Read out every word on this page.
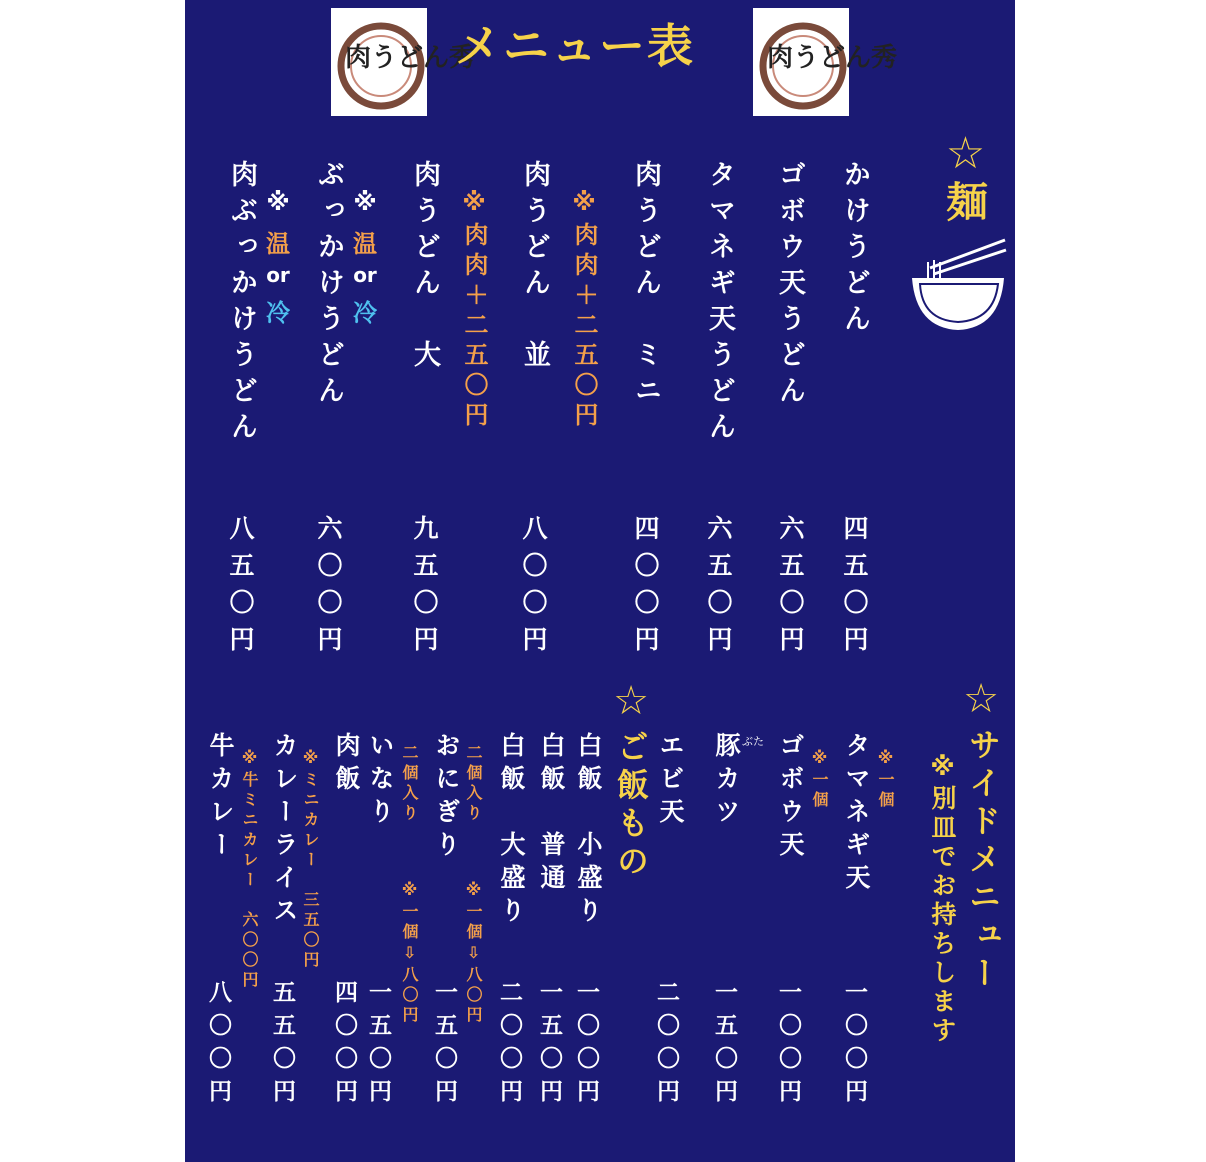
肉うどん秀	肉うどん秀
メニュー表
☆
麺
かけうどん
四五〇円
ゴボウ天うどん
六五〇円
タマネギ天うどん
六五〇円
肉うどん　ミニ
※肉肉＋二五〇円
四〇〇円
肉うどん　並
※肉肉＋二五〇円
八〇〇円
肉うどん　大
九五〇円
ぶっかけうどん ※
温
or
冷
六〇〇円
肉ぶっかけうどん ※
温
or
冷
八五〇円
☆
サイドメニュー
※別皿でお持ちします
タマネギ天 ※一個
一〇〇円
ゴボウ天 ※一個
一〇〇円
豚カツ ぶた
一五〇円
エビ天
二〇〇円
☆
ご飯もの
白飯　小盛り
一〇〇円
白飯　普通
一五〇円
白飯　大盛り
二〇〇円
二個入り
おにぎり
※一個⇩八〇円
一五〇円
二個入り
いなり
※一個⇩八〇円
一五〇円
肉飯
四〇〇円
※ミニカレー　三五〇円
カレーライス
五五〇円
※牛ミニカレー　六〇〇円
牛カレー
八〇〇円
